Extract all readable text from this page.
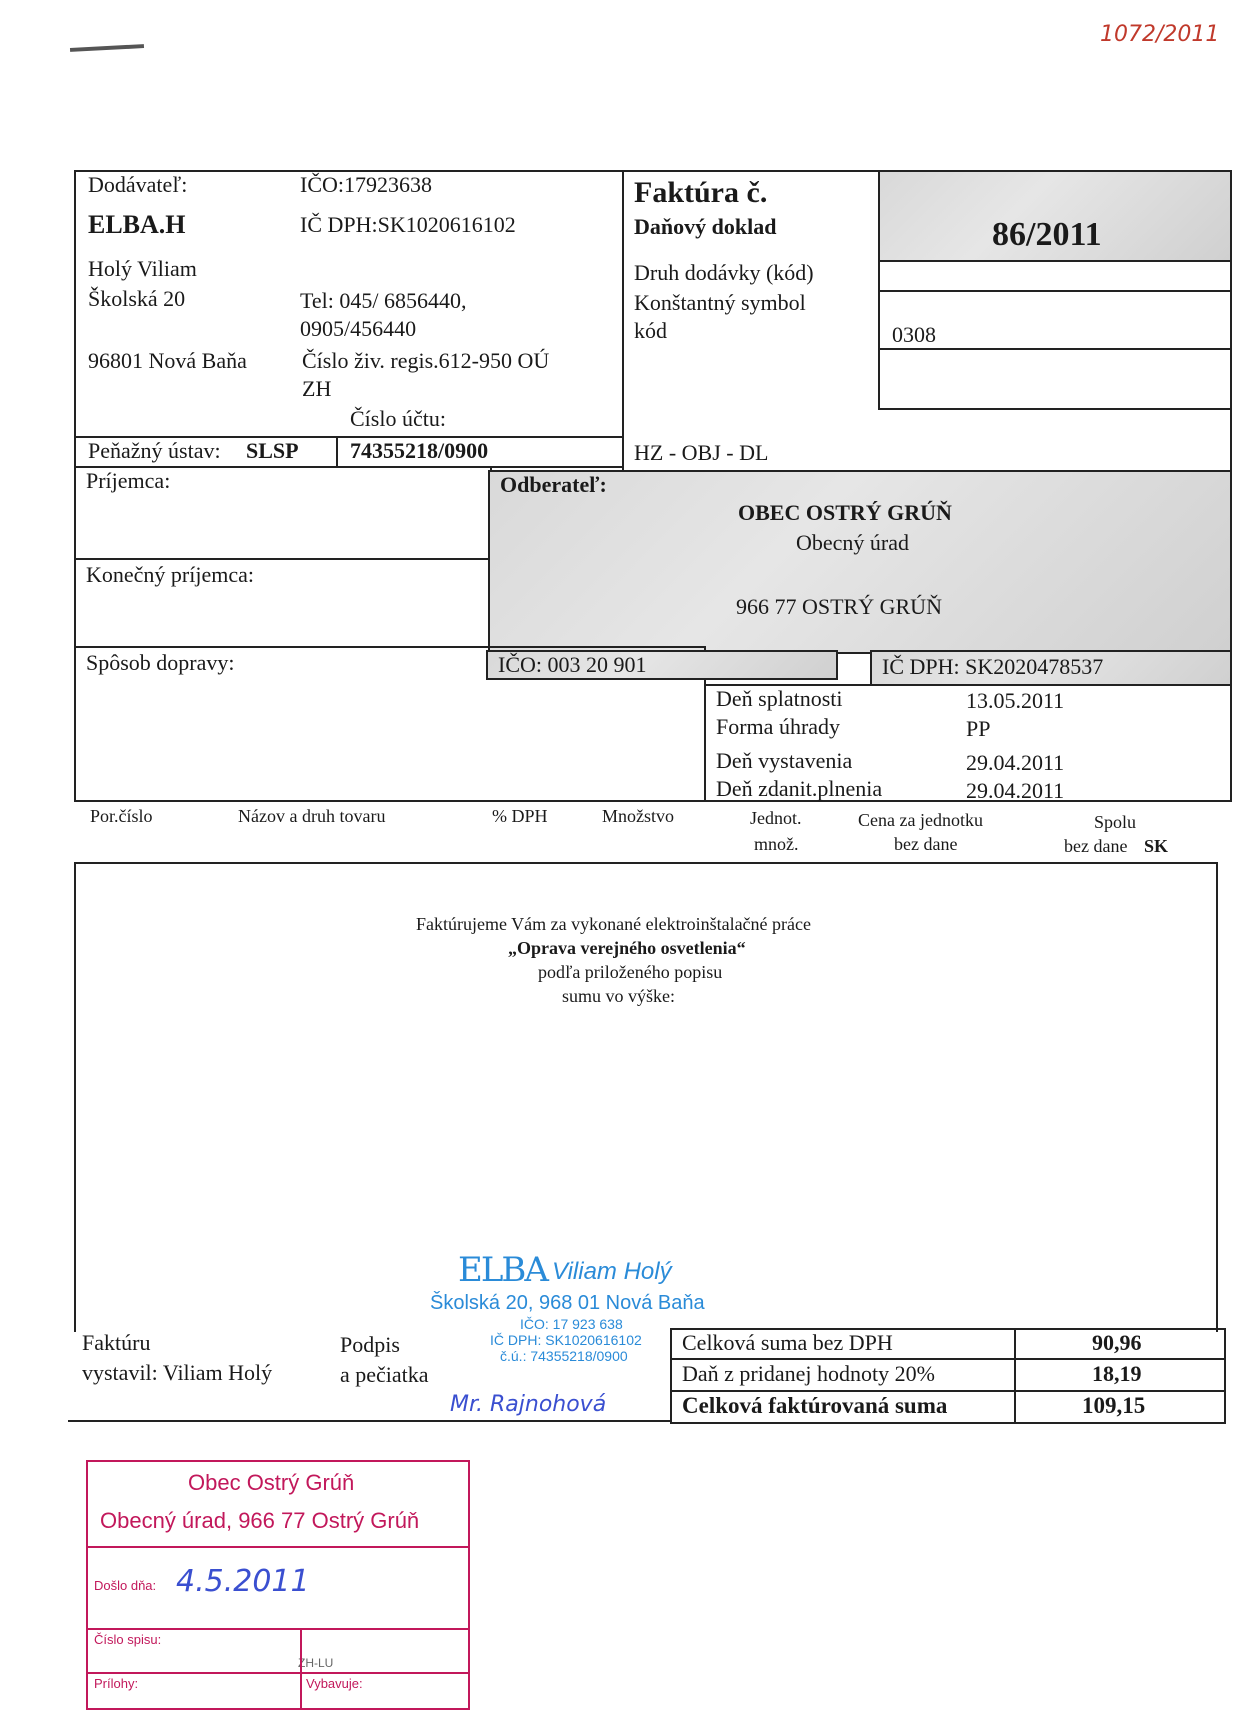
1072/2011
Dodávateľ:
ELBA.H
Holý Viliam
Školská 20
96801 Nová Baňa
IČO:17923638
IČ DPH:SK1020616102
Tel: 045/ 6856440,
0905/456440
Číslo živ. regis.612-950 OÚ
ZH
Číslo účtu:
Peňažný ústav: SLSP 74355218/0900
Faktúra č.
Daňový doklad	86/2011
Druh dodávky (kód)
Konštantný symbol
kód	0308
HZ - OBJ - DL
Príjemca:
Konečný príjemca:
Odberateľ:
OBEC OSTRÝ GRÚŇ
Obecný úrad
966 77 OSTRÝ GRÚŇ
Spôsob dopravy:	IČO: 003 20 901	IČ DPH: SK2020478537
Deň splatnosti	13.05.2011
Forma úhrady	PP
Deň vystavenia	29.04.2011
Deň zdanit.plnenia	29.04.2011
Por.číslo	Názov a druh tovaru	% DPH	Množstvo	Jednot.
množ.
Cena za jednotku
bez dane
Spolu
bez dane SK
Faktúrujeme Vám za vykonané elektroinštalačné práce
„Oprava verejného osvetlenia“
podľa priloženého popisu
sumu vo výške:
ELBA Viliam Holý
Školská 20, 968 01 Nová Baňa
IČO: 17 923 638
IČ DPH: SK1020616102
č.ú.: 74355218/0900
Faktúru
vystavil: Viliam Holý
Podpis
a pečiatka
Mr. Rajnohová
Celková suma bez DPH	90,96
Daň z pridanej hodnoty 20%	18,19
Celková faktúrovaná suma	109,15
Obec Ostrý Grúň
Obecný úrad, 966 77 Ostrý Grúň
Došlo dňa: 4.5.2011
Číslo spisu:
ZH-LU
Prílohy:	Vybavuje:
